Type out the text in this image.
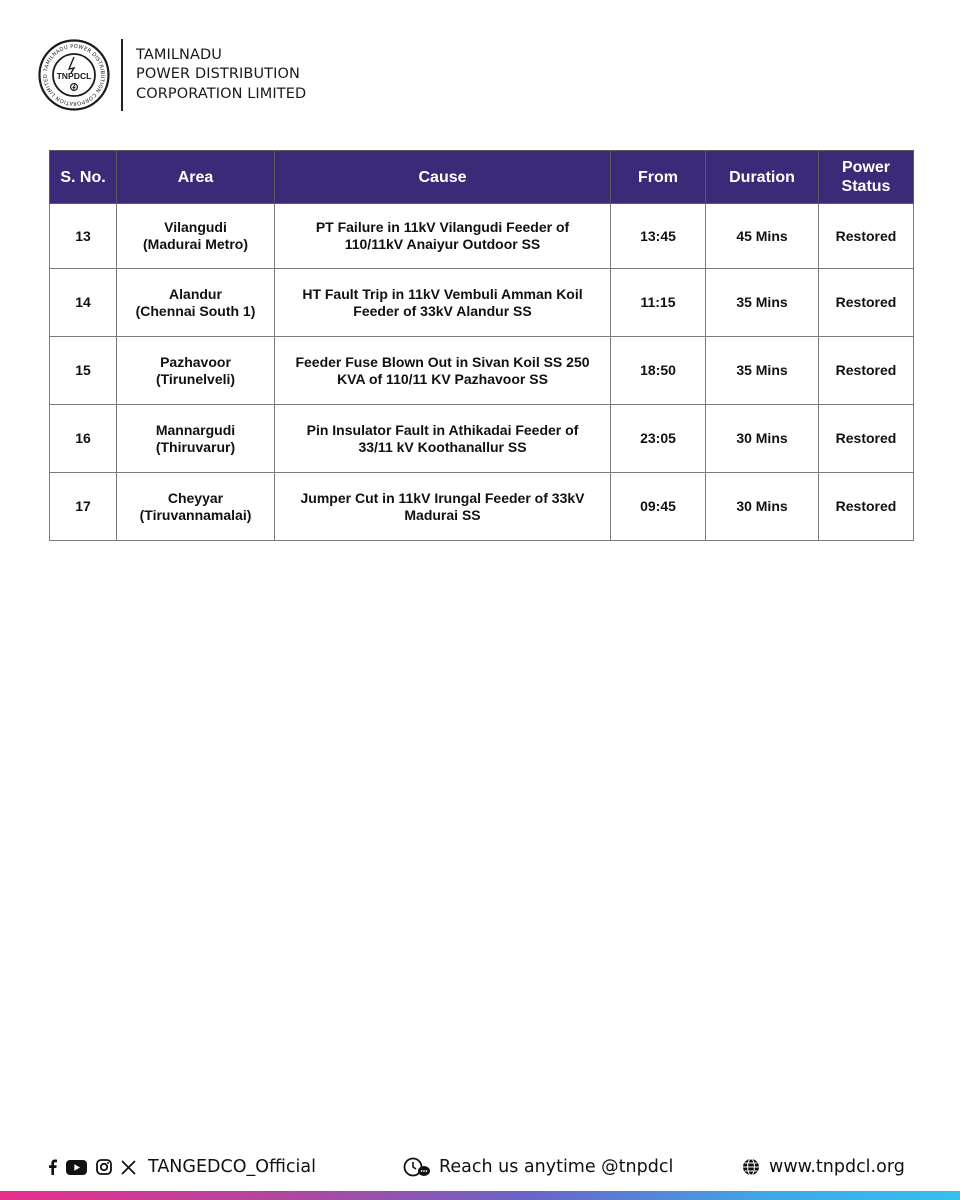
TAMILNADU POWER DISTRIBUTION CORPORATION LIMITED TNPDCL
TAMILNADU
POWER DISTRIBUTION
CORPORATION LIMITED
S. No.	Area	Cause	From	Duration	Power
Status

13	Vilangudi
(Madurai Metro)	PT Failure in 11kV Vilangudi Feeder of
110/11kV Anaiyur Outdoor SS	13:45	45 Mins	Restored
14	Alandur
(Chennai South 1)	HT Fault Trip in 11kV Vembuli Amman Koil
Feeder of 33kV Alandur SS	11:15	35 Mins	Restored
15	Pazhavoor
(Tirunelveli)	Feeder Fuse Blown Out in Sivan Koil SS 250
KVA of 110/11 KV Pazhavoor SS	18:50	35 Mins	Restored
16	Mannargudi
(Thiruvarur)	Pin Insulator Fault in Athikadai Feeder of
33/11 kV Koothanallur SS	23:05	30 Mins	Restored
17	Cheyyar
(Tiruvannamalai)	Jumper Cut in 11kV Irungal Feeder of 33kV
Madurai SS	09:45	30 Mins	Restored
TANGEDCO_Official	Reach us anytime @tnpdcl	www.tnpdcl.org
